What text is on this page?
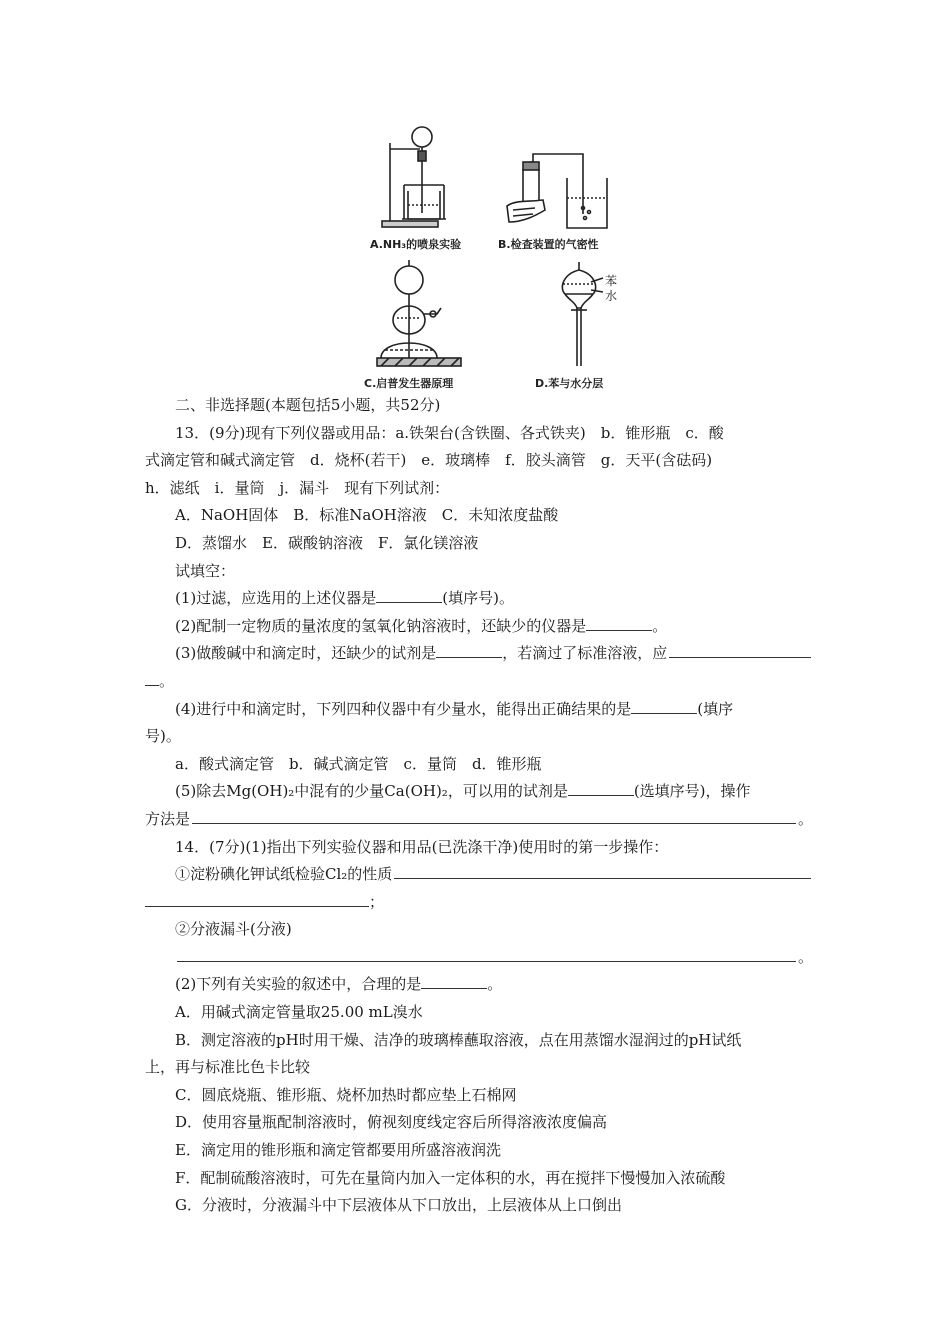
A.NH₃的喷泉实验	B.检查装置的气密性
C.启普发生器原理
苯
水
D.苯与水分层
二、非选择题(本题包括5小题，共52分)
13．(9分)现有下列仪器或用品：a.铁架台(含铁圈、各式铁夹)　b．锥形瓶　c．酸
式滴定管和碱式滴定管　d．烧杯(若干)　e．玻璃棒　f．胶头滴管　g．天平(含砝码)
h．滤纸　i．量筒　j．漏斗　现有下列试剂：
A．NaOH固体　B．标准NaOH溶液　C．未知浓度盐酸
D．蒸馏水　E．碳酸钠溶液　F．氯化镁溶液
试填空：
(1)过滤，应选用的上述仪器是	(填序号)。
(2)配制一定物质的量浓度的氢氧化钠溶液时，还缺少的仪器是	。
(3)做酸碱中和滴定时，还缺少的试剂是	，若滴过了标准溶液，应
。
(4)进行中和滴定时，下列四种仪器中有少量水，能得出正确结果的是	(填序
号)。
a．酸式滴定管　b．碱式滴定管　c．量筒　d．锥形瓶
(5)除去Mg(OH)₂中混有的少量Ca(OH)₂，可以用的试剂是	(选填序号)，操作
方法是	。
14．(7分)(1)指出下列实验仪器和用品(已洗涤干净)使用时的第一步操作：
①淀粉碘化钾试纸检验Cl₂的性质
；
②分液漏斗(分液)
。
(2)下列有关实验的叙述中，合理的是	。
A．用碱式滴定管量取25.00 mL溴水
B．测定溶液的pH时用干燥、洁净的玻璃棒蘸取溶液，点在用蒸馏水湿润过的pH试纸
上，再与标准比色卡比较
C．圆底烧瓶、锥形瓶、烧杯加热时都应垫上石棉网
D．使用容量瓶配制溶液时，俯视刻度线定容后所得溶液浓度偏高
E．滴定用的锥形瓶和滴定管都要用所盛溶液润洗
F．配制硫酸溶液时，可先在量筒内加入一定体积的水，再在搅拌下慢慢加入浓硫酸
G．分液时，分液漏斗中下层液体从下口放出，上层液体从上口倒出
